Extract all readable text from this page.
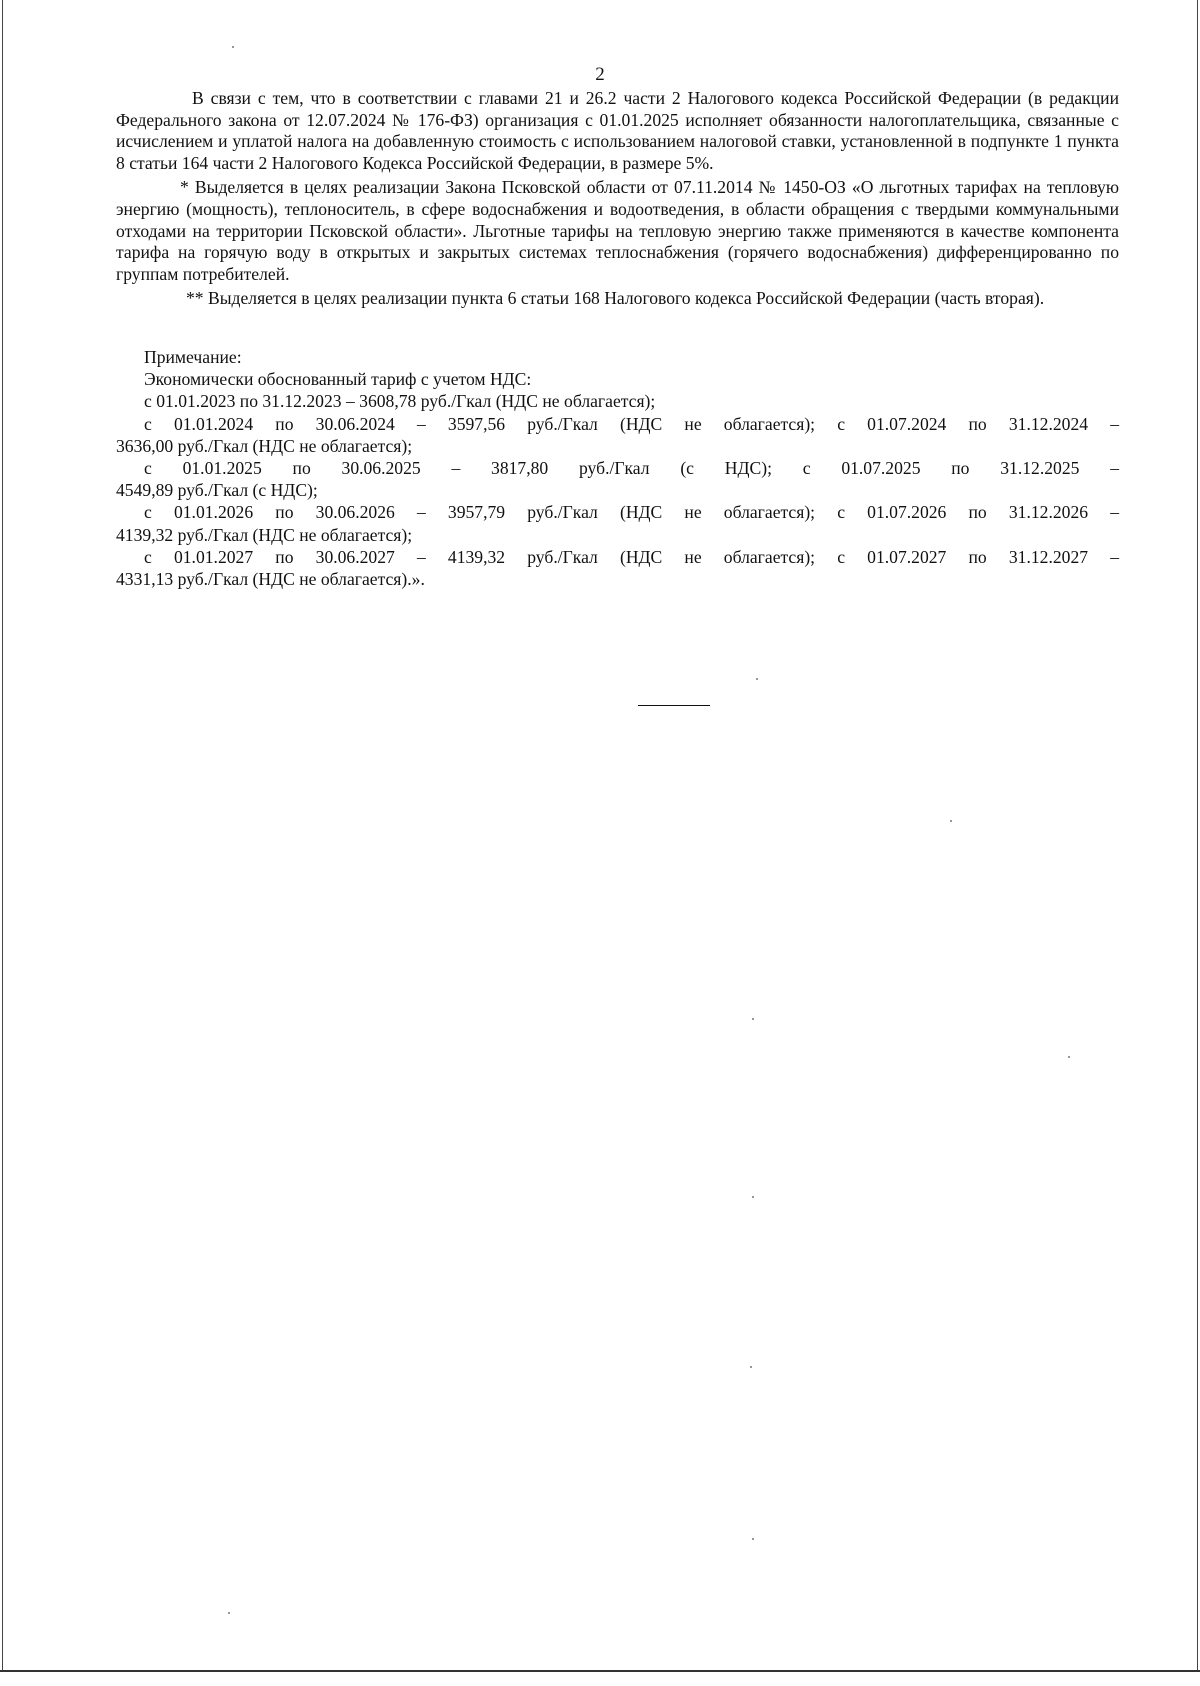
2

В связи с тем, что в соответствии с главами 21 и 26.2 части 2 Налогового кодекса Российской Федерации (в редакции Федерального закона от 12.07.2024 № 176-ФЗ) организация с 01.01.2025 исполняет обязанности налогоплательщика, связанные с исчислением и уплатой налога на добавленную стоимость с использованием налоговой ставки, установленной в подпункте 1 пункта 8 статьи 164 части 2 Налогового Кодекса Российской Федерации, в размере 5%.

* Выделяется в целях реализации Закона Псковской области от 07.11.2014 № 1450-ОЗ «О льготных тарифах на тепловую энергию (мощность), теплоноситель, в сфере водоснабжения и водоотведения, в области обращения с твердыми коммунальными отходами на территории Псковской области». Льготные тарифы на тепловую энергию также применяются в качестве компонента тарифа на горячую воду в открытых и закрытых системах теплоснабжения (горячего водоснабжения) дифференцированно по группам потребителей.

** Выделяется в целях реализации пункта 6 статьи 168 Налогового кодекса Российской Федерации (часть вторая).

Примечание:

Экономически обоснованный тариф с учетом НДС:

с 01.01.2023 по 31.12.2023 – 3608,78 руб./Гкал (НДС не облагается);

с 01.01.2024 по 30.06.2024 – 3597,56 руб./Гкал (НДС не облагается); с 01.07.2024 по 31.12.2024 –

3636,00 руб./Гкал (НДС не облагается);

с 01.01.2025 по 30.06.2025 – 3817,80 руб./Гкал (с НДС); с 01.07.2025 по 31.12.2025 –

4549,89 руб./Гкал (с НДС);

с 01.01.2026 по 30.06.2026 – 3957,79 руб./Гкал (НДС не облагается); с 01.07.2026 по 31.12.2026 –

4139,32 руб./Гкал (НДС не облагается);

с 01.01.2027 по 30.06.2027 – 4139,32 руб./Гкал (НДС не облагается); с 01.07.2027 по 31.12.2027 –

4331,13 руб./Гкал (НДС не облагается).».
